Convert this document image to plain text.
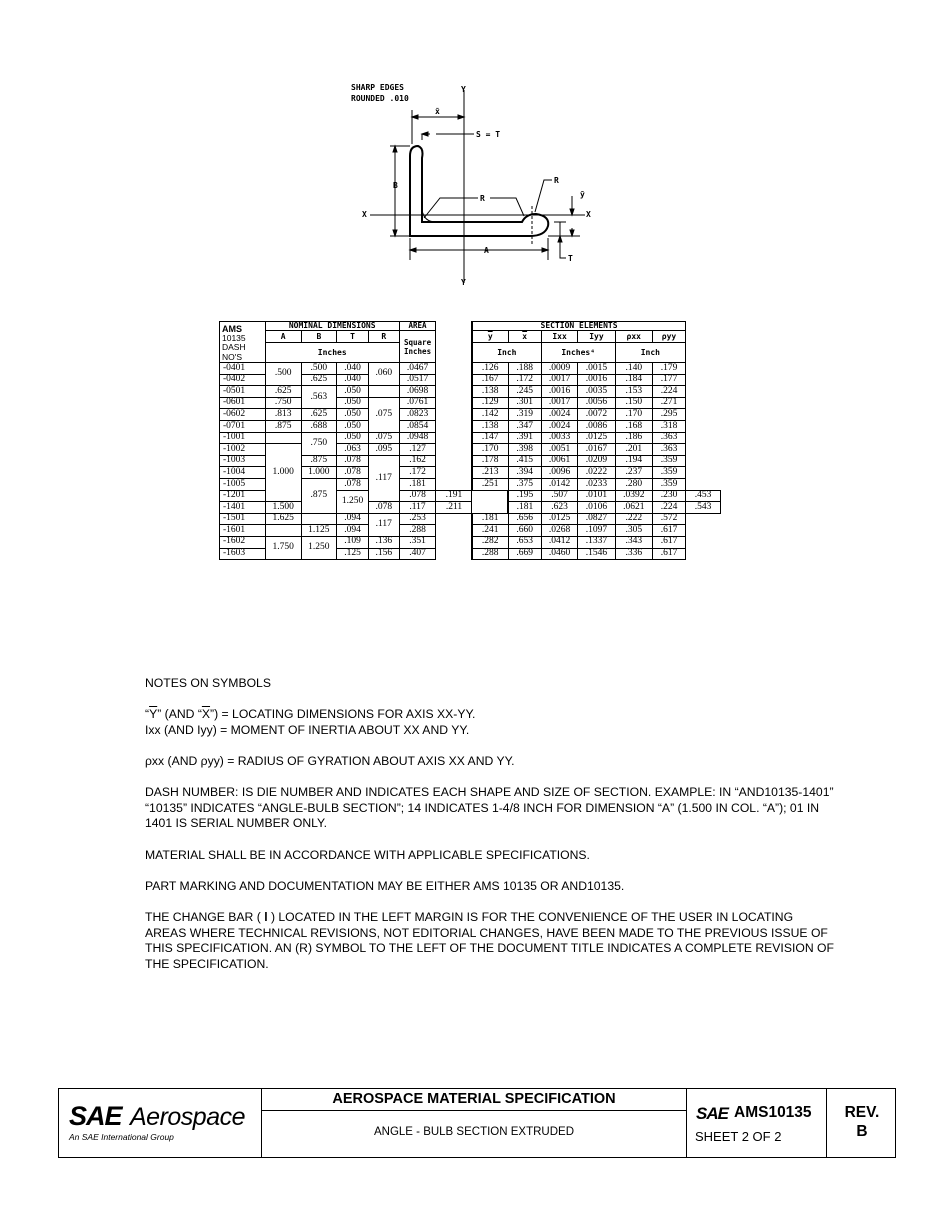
SHARP EDGES
ROUNDED .010
x̄
Y
Y
S = T
B
R
R
ȳ
X	X
A
T
AMS
10135
DASH
NO'S	NOMINAL DIMENSIONS				AREA		SECTION ELEMENTS						
	A	B	T	R	Square Inches		$\overline{y}$	$\overline{x}$	Ixx	Iyy	ρxx	ρyy	
	Inches						Inch		Inches⁴		Inch		
-0401	.500	.500	.040	.060	.0467		.126	.188	.0009	.0015	.140	.179	
-0402		.625	.040		.0517		.167	.172	.0017	.0016	.184	.177	
-0501	.625	.563	.050		.0698		.138	.245	.0016	.0035	.153	.224	
-0601	.750		.050	.075	.0761		.129	.301	.0017	.0056	.150	.271	
-0602	.813	.625	.050		.0823		.142	.319	.0024	.0072	.170	.295	
-0701	.875	.688	.050		.0854		.138	.347	.0024	.0086	.168	.318	
-1001		.750	.050	.075	.0948		.147	.391	.0033	.0125	.186	.363	
-1002	1.000		.063	.095	.127		.170	.398	.0051	.0167	.201	.363	
-1003		.875	.078	.117	.162		.178	.415	.0061	.0209	.194	.359	
-1004		1.000	.078		.172		.213	.394	.0096	.0222	.237	.359	
-1005		.875	.078		.181		.251	.375	.0142	.0233	.280	.359	
-1201			1.250		.078	.191		.195	.507	.0101	.0392	.230	.453
-1401	1.500			.078	.117	.211		.181	.623	.0106	.0621	.224	.543
-1501	1.625		.094	.117	.253		.181	.656	.0125	.0827	.222	.572	
-1601		1.125	.094		.288		.241	.660	.0268	.1097	.305	.617	
-1602	1.750	1.250	.109	.136	.351		.282	.653	.0412	.1337	.343	.617	
-1603			.125	.156	.407		.288	.669	.0460	.1546	.336	.617	

NOTES ON SYMBOLS

“$\overline{Y}$” (AND “$\overline{X}$”) = LOCATING DIMENSIONS FOR AXIS XX-YY.

Ixx (AND Iyy) = MOMENT OF INERTIA ABOUT XX AND YY.

ρxx (AND ρyy) = RADIUS OF GYRATION ABOUT AXIS XX AND YY.

DASH NUMBER: IS DIE NUMBER AND INDICATES EACH SHAPE AND SIZE OF SECTION. EXAMPLE: IN “AND10135-1401” “10135” INDICATES “ANGLE-BULB SECTION”; 14 INDICATES 1-4/8 INCH FOR DIMENSION “A” (1.500 IN COL. “A”); 01 IN 1401 IS SERIAL NUMBER ONLY.

MATERIAL SHALL BE IN ACCORDANCE WITH APPLICABLE SPECIFICATIONS.

PART MARKING AND DOCUMENTATION MAY BE EITHER AMS 10135 OR AND10135.

THE CHANGE BAR ( l ) LOCATED IN THE LEFT MARGIN IS FOR THE CONVENIENCE OF THE USER IN LOCATING AREAS WHERE TECHNICAL REVISIONS, NOT EDITORIAL CHANGES, HAVE BEEN MADE TO THE PREVIOUS ISSUE OF THIS SPECIFICATION. AN (R) SYMBOL TO THE LEFT OF THE DOCUMENT TITLE INDICATES A COMPLETE REVISION OF THE SPECIFICATION.

SAE Aerospace
An SAE International Group
AEROSPACE MATERIAL SPECIFICATION
ANGLE - BULB SECTION EXTRUDED
SAE AMS10135
SHEET 2 OF 2
REV.
B
